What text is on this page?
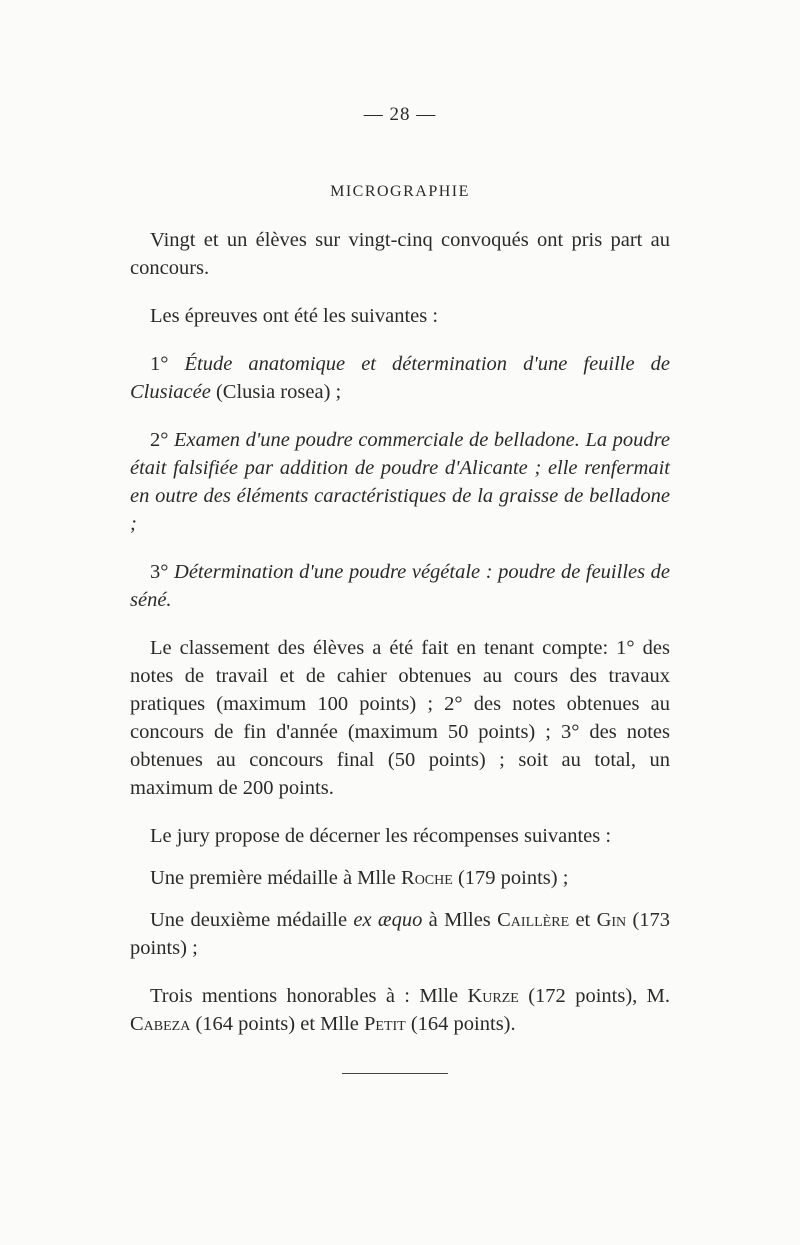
— 28 —
MICROGRAPHIE

Vingt et un élèves sur vingt-cinq convoqués ont pris part au concours.

Les épreuves ont été les suivantes :

1° Étude anatomique et détermination d'une feuille de Clusiacée (Clusia rosea) ;

2° Examen d'une poudre commerciale de belladone. La poudre était falsifiée par addition de poudre d'Alicante ; elle renfermait en outre des éléments caractéristiques de la graisse de belladone ;

3° Détermination d'une poudre végétale : poudre de feuilles de séné.

Le classement des élèves a été fait en tenant compte: 1° des notes de travail et de cahier obtenues au cours des travaux pratiques (maximum 100 points) ; 2° des notes obtenues au concours de fin d'année (maximum 50 points) ; 3° des notes obtenues au concours final (50 points) ; soit au total, un maximum de 200 points.

Le jury propose de décerner les récompenses suivantes :

Une première médaille à Mlle Roche (179 points) ;

Une deuxième médaille ex æquo à Mlles Caillère et Gin (173 points) ;

Trois mentions honorables à : Mlle Kurze (172 points), M. Cabeza (164 points) et Mlle Petit (164 points).
